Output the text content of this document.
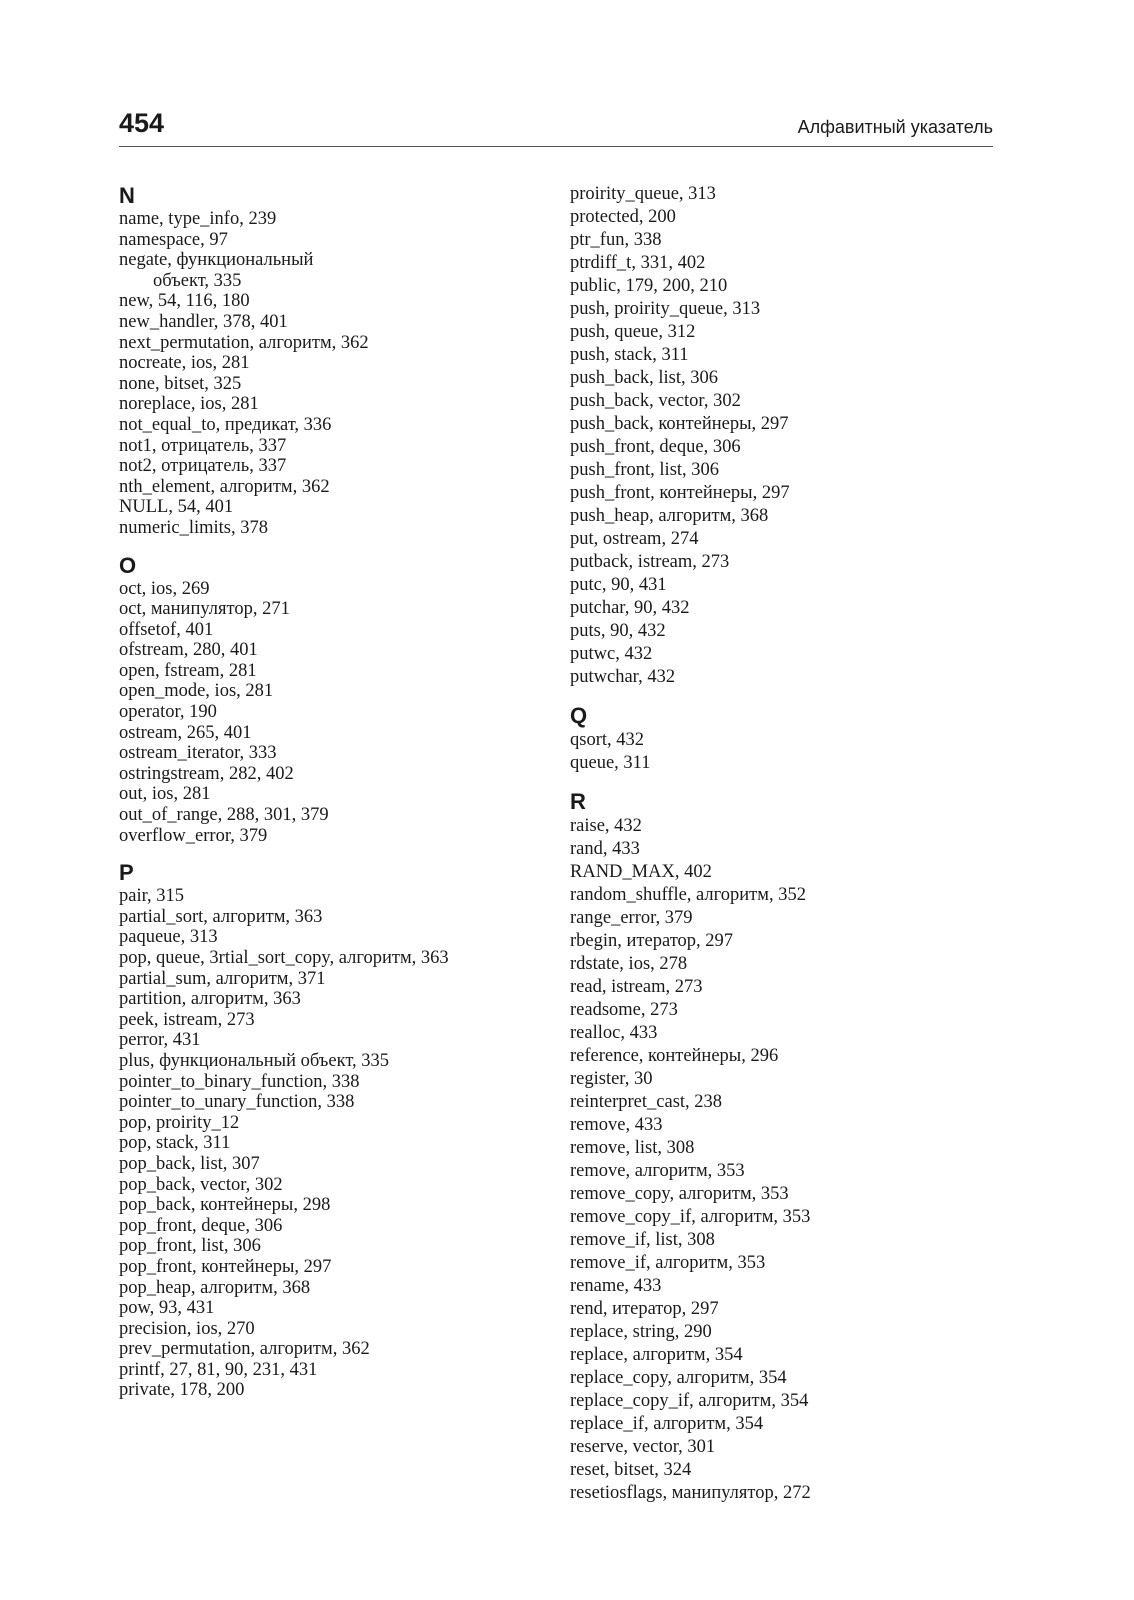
454	Алфавитный указатель
N
name, type_info, 239
namespace, 97
negate, функциональный
объект, 335
new, 54, 116, 180
new_handler, 378, 401
next_permutation, алгоритм, 362
nocreate, ios, 281
none, bitset, 325
noreplace, ios, 281
not_equal_to, предикат, 336
not1, отрицатель, 337
not2, отрицатель, 337
nth_element, алгоритм, 362
NULL, 54, 401
numeric_limits, 378
O
oct, ios, 269
oct, манипулятор, 271
offsetof, 401
ofstream, 280, 401
open, fstream, 281
open_mode, ios, 281
operator, 190
ostream, 265, 401
ostream_iterator, 333
ostringstream, 282, 402
out, ios, 281
out_of_range, 288, 301, 379
overflow_error, 379
P
pair, 315
partial_sort, алгоритм, 363
paqueue, 313
pop, queue, 3rtial_sort_copy, алгоритм, 363
partial_sum, алгоритм, 371
partition, алгоритм, 363
peek, istream, 273
perror, 431
plus, функциональный объект, 335
pointer_to_binary_function, 338
pointer_to_unary_function, 338
pop, proirity_12
pop, stack, 311
pop_back, list, 307
pop_back, vector, 302
pop_back, контейнеры, 298
pop_front, deque, 306
pop_front, list, 306
pop_front, контейнеры, 297
pop_heap, алгоритм, 368
pow, 93, 431
precision, ios, 270
prev_permutation, алгоритм, 362
printf, 27, 81, 90, 231, 431
private, 178, 200
proirity_queue, 313
protected, 200
ptr_fun, 338
ptrdiff_t, 331, 402
public, 179, 200, 210
push, proirity_queue, 313
push, queue, 312
push, stack, 311
push_back, list, 306
push_back, vector, 302
push_back, контейнеры, 297
push_front, deque, 306
push_front, list, 306
push_front, контейнеры, 297
push_heap, алгоритм, 368
put, ostream, 274
putback, istream, 273
putc, 90, 431
putchar, 90, 432
puts, 90, 432
putwc, 432
putwchar, 432
Q
qsort, 432
queue, 311
R
raise, 432
rand, 433
RAND_MAX, 402
random_shuffle, алгоритм, 352
range_error, 379
rbegin, итератор, 297
rdstate, ios, 278
read, istream, 273
readsome, 273
realloc, 433
reference, контейнеры, 296
register, 30
reinterpret_cast, 238
remove, 433
remove, list, 308
remove, алгоритм, 353
remove_copy, алгоритм, 353
remove_copy_if, алгоритм, 353
remove_if, list, 308
remove_if, алгоритм, 353
rename, 433
rend, итератор, 297
replace, string, 290
replace, алгоритм, 354
replace_copy, алгоритм, 354
replace_copy_if, алгоритм, 354
replace_if, алгоритм, 354
reserve, vector, 301
reset, bitset, 324
resetiosflags, манипулятор, 272
